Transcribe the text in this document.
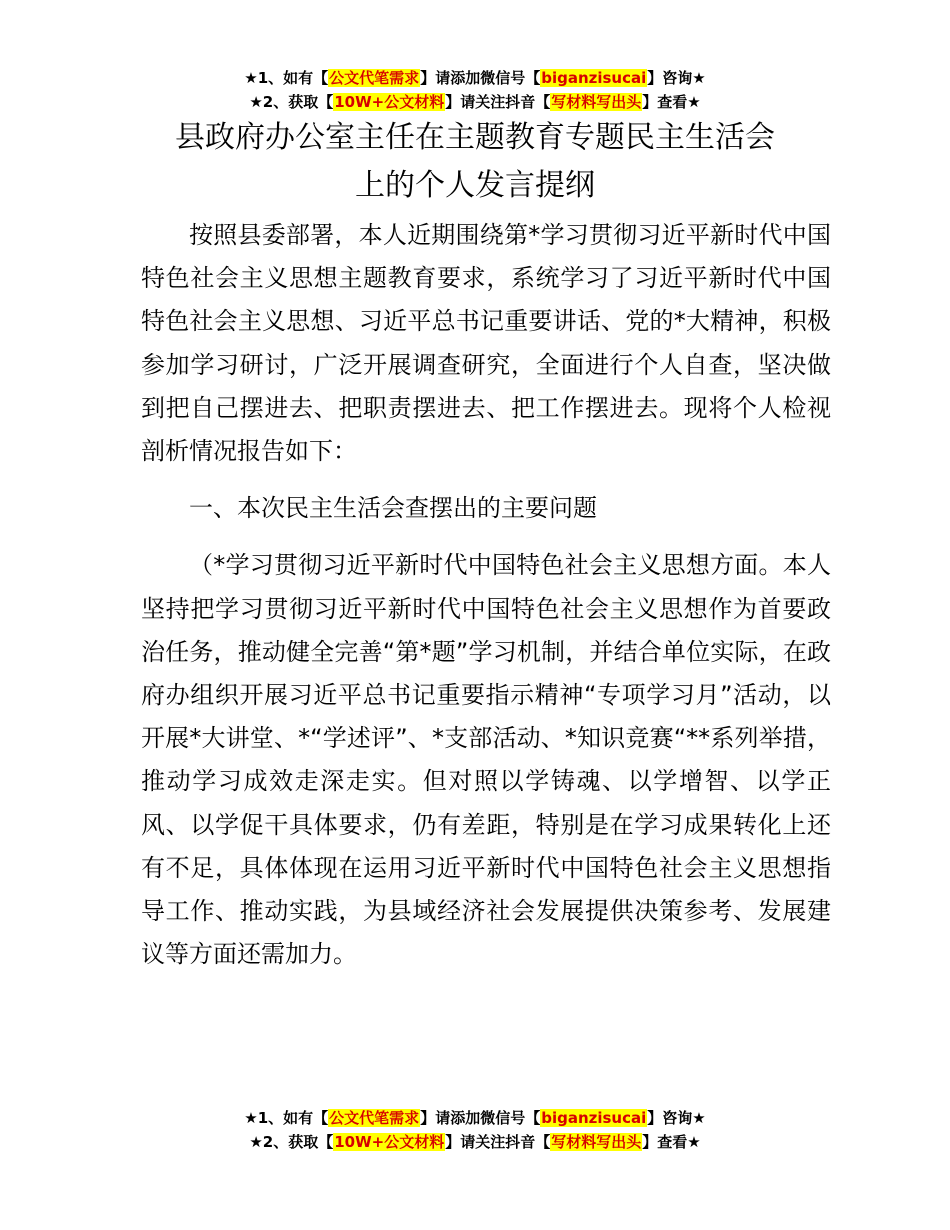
★1、如有【公文代笔需求】请添加微信号【biganzisucai】咨询★
★2、获取【10W+公文材料】请关注抖音【写材料写出头】查看★
县政府办公室主任在主题教育专题民主生活会
上的个人发言提纲

按照县委部署，本人近期围绕第*学习贯彻习近平新时代中国特色社会主义思想主题教育要求，系统学习了习近平新时代中国特色社会主义思想、习近平总书记重要讲话、党的*大精神，积极参加学习研讨，广泛开展调查研究，全面进行个人自查，坚决做到把自己摆进去、把职责摆进去、把工作摆进去。现将个人检视剖析情况报告如下：

一、本次民主生活会查摆出的主要问题

（*学习贯彻习近平新时代中国特色社会主义思想方面。本人坚持把学习贯彻习近平新时代中国特色社会主义思想作为首要政治任务，推动健全完善“第*题”学习机制，并结合单位实际，在政府办组织开展习近平总书记重要指示精神“专项学习月”活动，以开展*大讲堂、*“学述评”、*支部活动、*知识竞赛“**系列举措，推动学习成效走深走实。但对照以学铸魂、以学增智、以学正风、以学促干具体要求，仍有差距，特别是在学习成果转化上还有不足，具体体现在运用习近平新时代中国特色社会主义思想指导工作、推动实践，为县域经济社会发展提供决策参考、发展建议等方面还需加力。

★1、如有【公文代笔需求】请添加微信号【biganzisucai】咨询★
★2、获取【10W+公文材料】请关注抖音【写材料写出头】查看★
